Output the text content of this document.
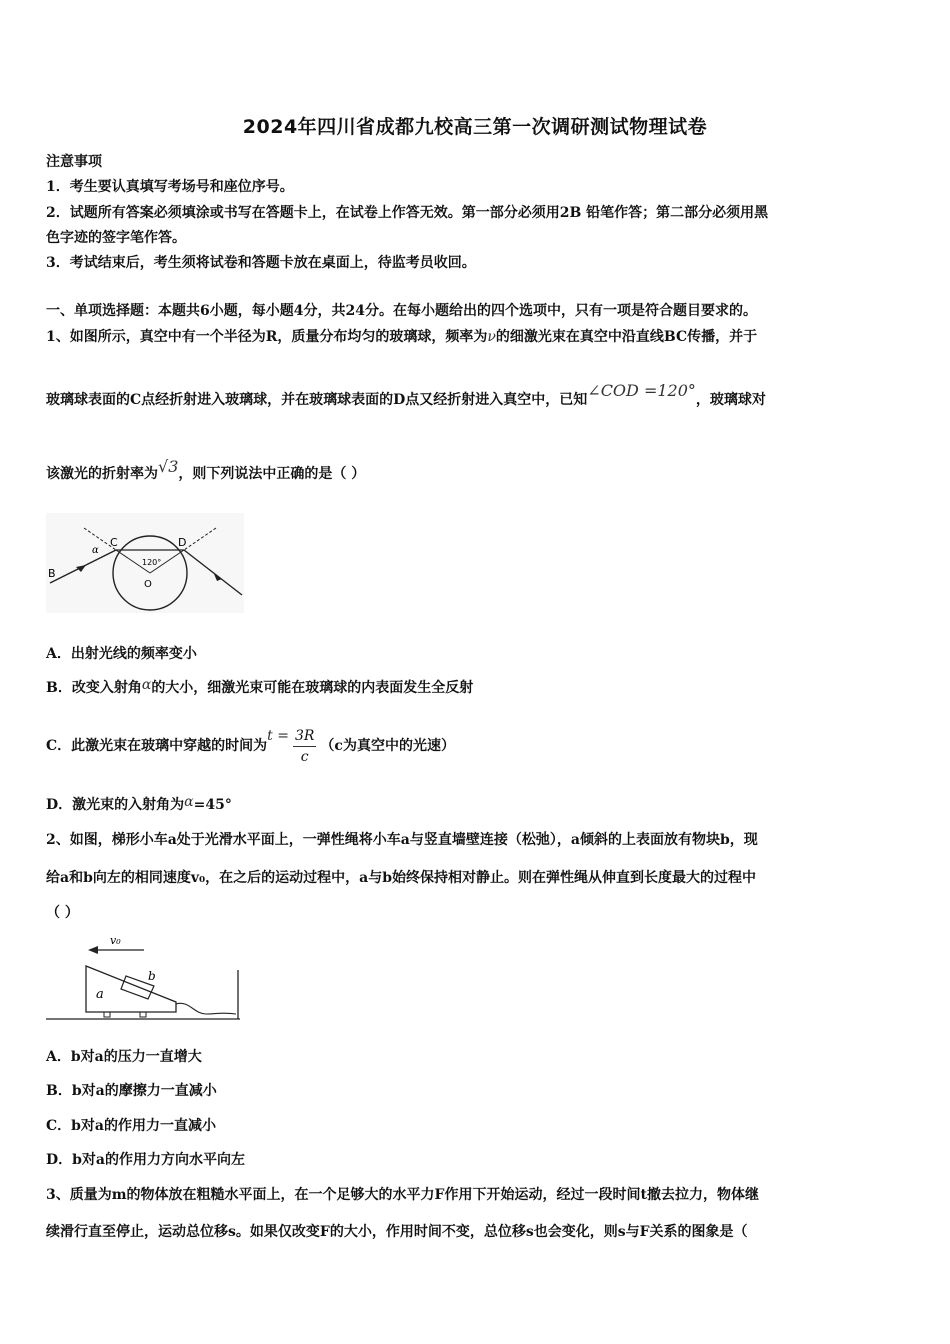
2024年四川省成都九校高三第一次调研测试物理试卷
注意事项
1．考生要认真填写考场号和座位序号。
2．试题所有答案必须填涂或书写在答题卡上，在试卷上作答无效。第一部分必须用2B 铅笔作答；第二部分必须用黑
色字迹的签字笔作答。
3．考试结束后，考生须将试卷和答题卡放在桌面上，待监考员收回。
一、单项选择题：本题共6小题，每小题4分，共24分。在每小题给出的四个选项中，只有一项是符合题目要求的。
1、如图所示，真空中有一个半径为R，质量分布均匀的玻璃球，频率为ν的细激光束在真空中沿直线BC传播，并于
玻璃球表面的C点经折射进入玻璃球，并在玻璃球表面的D点又经折射进入真空中，已知∠COD =120°，玻璃球对
该激光的折射率为√3，则下列说法中正确的是（ ）
C	D
B
O
α
120°
A．出射光线的频率变小
B．改变入射角α的大小，细激光束可能在玻璃球的内表面发生全反射
C．此激光束在玻璃中穿越的时间为$t = \frac{3R}{c} (c$为真空中的光速）
D．激光束的入射角为α=45°
2、如图，梯形小车a处于光滑水平面上，一弹性绳将小车a与竖直墙壁连接（松弛），a倾斜的上表面放有物块b，现
给a和b向左的相同速度v₀，在之后的运动过程中，a与b始终保持相对静止。则在弹性绳从伸直到长度最大的过程中
（ ）
v₀
b
a
A．b对a的压力一直增大
B．b对a的摩擦力一直减小
C．b对a的作用力一直减小
D．b对a的作用力方向水平向左
3、质量为m的物体放在粗糙水平面上，在一个足够大的水平力F作用下开始运动，经过一段时间t撤去拉力，物体继
续滑行直至停止，运动总位移s。如果仅改变F的大小，作用时间不变，总位移s也会变化，则s与F关系的图象是（
